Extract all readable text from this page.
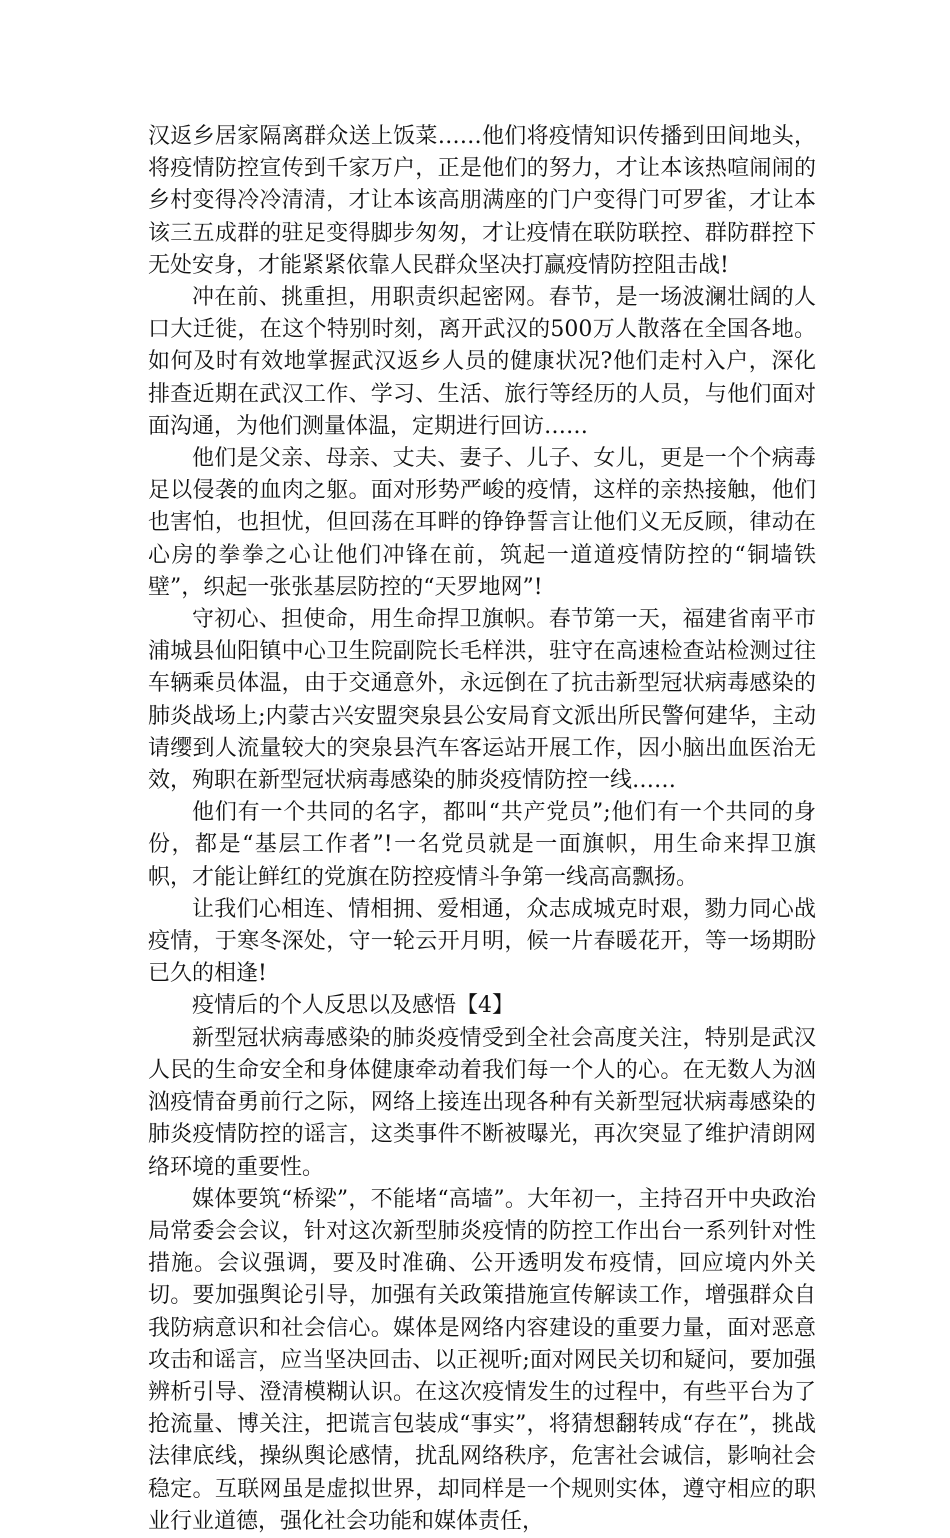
汉返乡居家隔离群众送上饭菜……他们将疫情知识传播到田间地头，将疫情防控宣传到千家万户，正是他们的努力，才让本该热喧闹闹的乡村变得冷冷清清，才让本该高朋满座的门户变得门可罗雀，才让本该三五成群的驻足变得脚步匆匆，才让疫情在联防联控、群防群控下无处安身，才能紧紧依靠人民群众坚决打赢疫情防控阻击战!

冲在前、挑重担，用职责织起密网。春节，是一场波澜壮阔的人口大迁徙，在这个特别时刻，离开武汉的500万人散落在全国各地。如何及时有效地掌握武汉返乡人员的健康状况?他们走村入户，深化排查近期在武汉工作、学习、生活、旅行等经历的人员，与他们面对面沟通，为他们测量体温，定期进行回访……

他们是父亲、母亲、丈夫、妻子、儿子、女儿，更是一个个病毒足以侵袭的血肉之躯。面对形势严峻的疫情，这样的亲热接触，他们也害怕，也担忧，但回荡在耳畔的铮铮誓言让他们义无反顾，律动在心房的拳拳之心让他们冲锋在前，筑起一道道疫情防控的“铜墙铁壁”，织起一张张基层防控的“天罗地网”!

守初心、担使命，用生命捍卫旗帜。春节第一天，福建省南平市浦城县仙阳镇中心卫生院副院长毛样洪，驻守在高速检查站检测过往车辆乘员体温，由于交通意外，永远倒在了抗击新型冠状病毒感染的肺炎战场上;内蒙古兴安盟突泉县公安局育文派出所民警何建华，主动请缨到人流量较大的突泉县汽车客运站开展工作，因小脑出血医治无效，殉职在新型冠状病毒感染的肺炎疫情防控一线……

他们有一个共同的名字，都叫“共产党员”;他们有一个共同的身份，都是“基层工作者”!一名党员就是一面旗帜，用生命来捍卫旗帜，才能让鲜红的党旗在防控疫情斗争第一线高高飘扬。

让我们心相连、情相拥、爱相通，众志成城克时艰，勠力同心战疫情，于寒冬深处，守一轮云开月明，候一片春暖花开，等一场期盼已久的相逢!

疫情后的个人反思以及感悟【4】

新型冠状病毒感染的肺炎疫情受到全社会高度关注，特别是武汉人民的生命安全和身体健康牵动着我们每一个人的心。在无数人为汹汹疫情奋勇前行之际，网络上接连出现各种有关新型冠状病毒感染的肺炎疫情防控的谣言，这类事件不断被曝光，再次突显了维护清朗网络环境的重要性。

媒体要筑“桥梁”，不能堵“高墙”。大年初一，主持召开中央政治局常委会会议，针对这次新型肺炎疫情的防控工作出台一系列针对性措施。会议强调，要及时准确、公开透明发布疫情，回应境内外关切。要加强舆论引导，加强有关政策措施宣传解读工作，增强群众自我防病意识和社会信心。媒体是网络内容建设的重要力量，面对恶意攻击和谣言，应当坚决回击、以正视听;面对网民关切和疑问，要加强辨析引导、澄清模糊认识。在这次疫情发生的过程中，有些平台为了抢流量、博关注，把谎言包装成“事实”，将猜想翻转成“存在”，挑战法律底线，操纵舆论感情，扰乱网络秩序，危害社会诚信，影响社会稳定。互联网虽是虚拟世界，却同样是一个规则实体，遵守相应的职业行业道德，强化社会功能和媒体责任，
